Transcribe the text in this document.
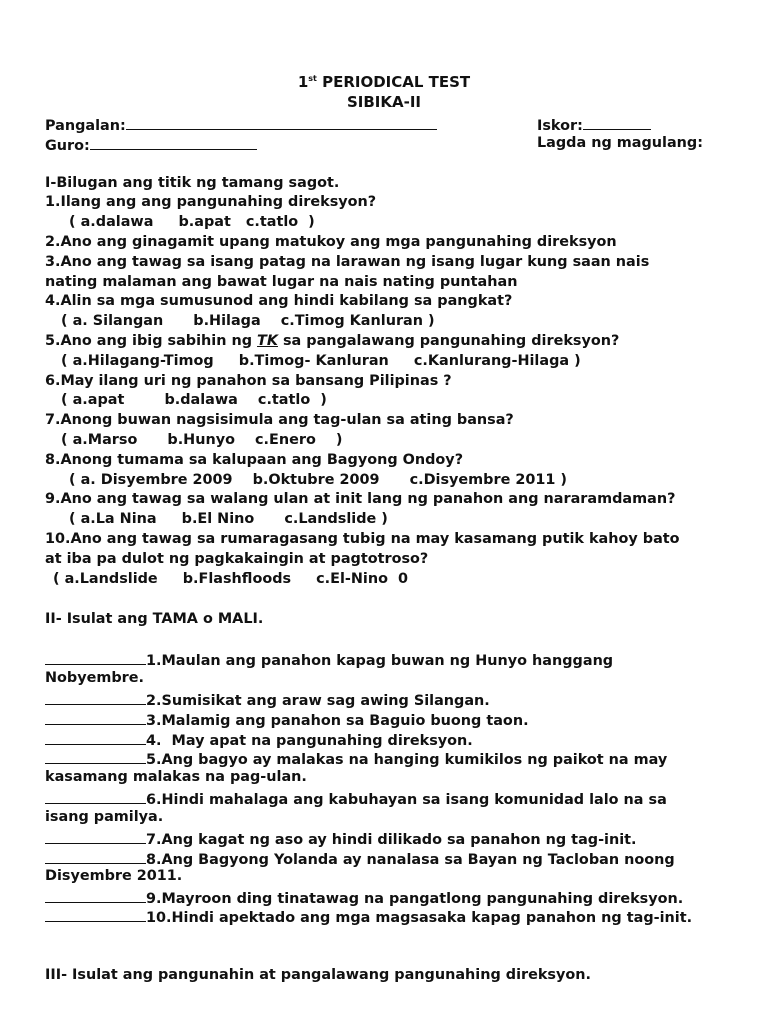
1st PERIODICAL TEST
SIBIKA-II
Pangalan:	Iskor:
Guro:	Lagda ng magulang:
I-Bilugan ang titik ng tamang sagot.
1.Ilang ang ang pangunahing direksyon?
( a.dalawa     b.apat   c.tatlo  )
2.Ano ang ginagamit upang matukoy ang mga pangunahing direksyon
3.Ano ang tawag sa isang patag na larawan ng isang lugar kung saan nais
nating malaman ang bawat lugar na nais nating puntahan
4.Alin sa mga sumusunod ang hindi kabilang sa pangkat?
( a. Silangan      b.Hilaga    c.Timog Kanluran )
5.Ano ang ibig sabihin ng TK sa pangalawang pangunahing direksyon?
( a.Hilagang-Timog     b.Timog- Kanluran     c.Kanlurang-Hilaga )
6.May ilang uri ng panahon sa bansang Pilipinas ?
( a.apat        b.dalawa    c.tatlo  )
7.Anong buwan nagsisimula ang tag-ulan sa ating bansa?
( a.Marso      b.Hunyo    c.Enero    )
8.Anong tumama sa kalupaan ang Bagyong Ondoy?
( a. Disyembre 2009    b.Oktubre 2009      c.Disyembre 2011 )
9.Ano ang tawag sa walang ulan at init lang ng panahon ang nararamdaman?
( a.La Nina     b.El Nino      c.Landslide )
10.Ano ang tawag sa rumaragasang tubig na may kasamang putik kahoy bato
at iba pa dulot ng pagkakaingin at pagtotroso?
( a.Landslide     b.Flashfloods     c.El-Nino  0
II- Isulat ang TAMA o MALI.
1.Maulan ang panahon kapag buwan ng Hunyo hanggang
Nobyembre.
2.Sumisikat ang araw sag awing Silangan.
3.Malamig ang panahon sa Baguio buong taon.
4.  May apat na pangunahing direksyon.
5.Ang bagyo ay malakas na hanging kumikilos ng paikot na may
kasamang malakas na pag-ulan.
6.Hindi mahalaga ang kabuhayan sa isang komunidad lalo na sa
isang pamilya.
7.Ang kagat ng aso ay hindi dilikado sa panahon ng tag-init.
8.Ang Bagyong Yolanda ay nanalasa sa Bayan ng Tacloban noong
Disyembre 2011.
9.Mayroon ding tinatawag na pangatlong pangunahing direksyon.
10.Hindi apektado ang mga magsasaka kapag panahon ng tag-init.
III- Isulat ang pangunahin at pangalawang pangunahing direksyon.
